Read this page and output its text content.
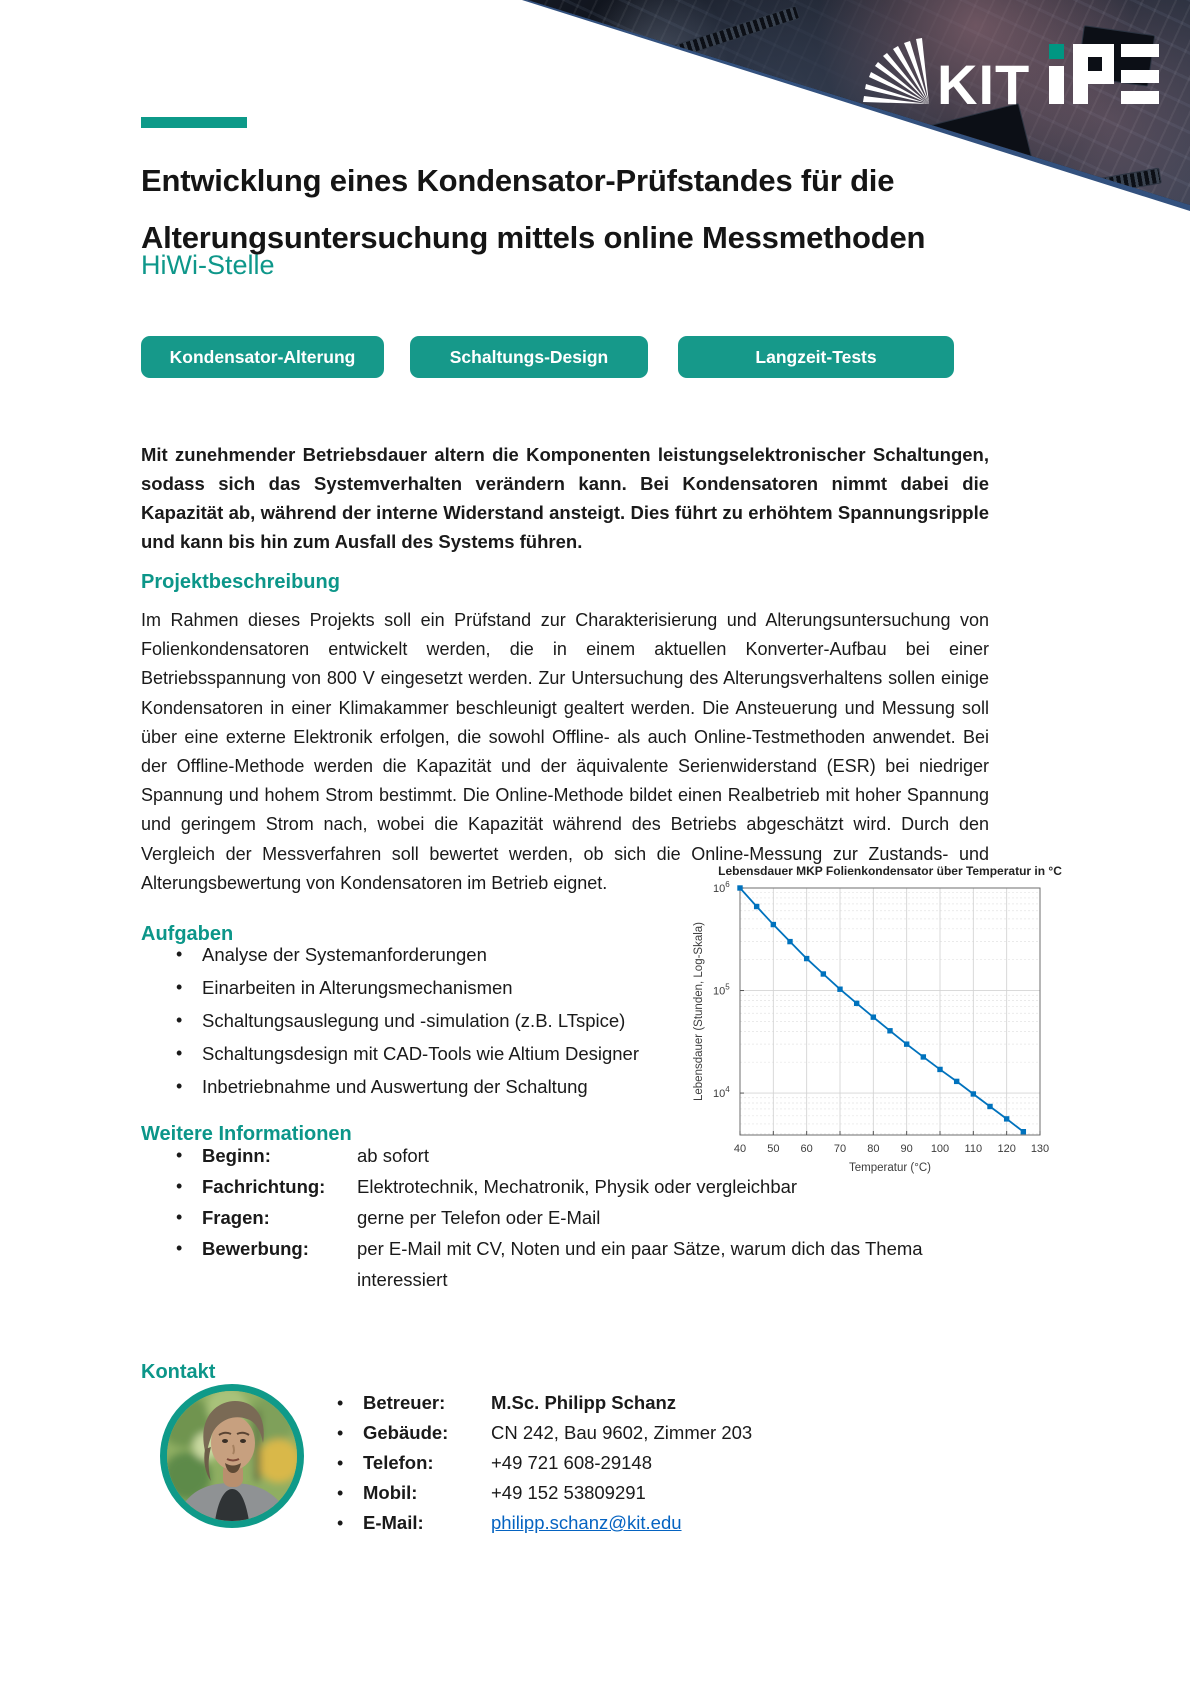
KIT
Entwicklung eines Kondensator-Prüfstandes für die Alterungsuntersuchung mittels online Messmethoden
HiWi-Stelle
Kondensator-Alterung	Schaltungs-Design	Langzeit-Tests

Mit zunehmender Betriebsdauer altern die Komponenten leistungselektronischer Schaltungen, sodass sich das Systemverhalten verändern kann. Bei Kondensatoren nimmt dabei die Kapazität ab, während der interne Widerstand ansteigt. Dies führt zu erhöhtem Spannungsripple und kann bis hin zum Ausfall des Systems führen.

Projektbeschreibung

Im Rahmen dieses Projekts soll ein Prüfstand zur Charakterisierung und Alterungsuntersuchung von Folienkondensatoren entwickelt werden, die in einem aktuellen Konverter-Aufbau bei einer Betriebsspannung von 800 V eingesetzt werden. Zur Untersuchung des Alterungsverhaltens sollen einige Kondensatoren in einer Klimakammer beschleunigt gealtert werden. Die Ansteuerung und Messung soll über eine externe Elektronik erfolgen, die sowohl Offline- als auch Online-Testmethoden anwendet. Bei der Offline-Methode werden die Kapazität und der äquivalente Serienwiderstand (ESR) bei niedriger Spannung und hohem Strom bestimmt. Die Online-Methode bildet einen Realbetrieb mit hoher Spannung und geringem Strom nach, wobei die Kapazität während des Betriebs abgeschätzt wird. Durch den Vergleich der Messverfahren soll bewertet werden, ob sich die Online-Messung zur Zustands- und Alterungsbewertung von Kondensatoren im Betrieb eignet.

Aufgaben
•	Analyse der Systemanforderungen
•	Einarbeiten in Alterungsmechanismen
•	Schaltungsauslegung und -simulation (z.B. LTspice)
•	Schaltungsdesign mit CAD-Tools wie Altium Designer
•	Inbetriebnahme und Auswertung der Schaltung
40 50 60 70 80 90 100 110 120 130
$10^4$
$10^5$
$10^6$
Lebensdauer MKP Folienkondensator über Temperatur in °C
Temperatur (°C)
Lebensdauer (Stunden, Log-Skala)
Weitere Informationen
•	Beginn:	ab sofort
•	Fachrichtung:	Elektrotechnik, Mechatronik, Physik oder vergleichbar
•	Fragen:	gerne per Telefon oder E-Mail
•	Bewerbung:	per E-Mail mit CV, Noten und ein paar Sätze, warum dich das Thema interessiert
Kontakt
•	Betreuer:	M.Sc. Philipp Schanz
•	Gebäude:	CN 242, Bau 9602, Zimmer 203
•	Telefon:	+49 721 608-29148
•	Mobil:	+49 152 53809291
•	E-Mail:	philipp.schanz@kit.edu
